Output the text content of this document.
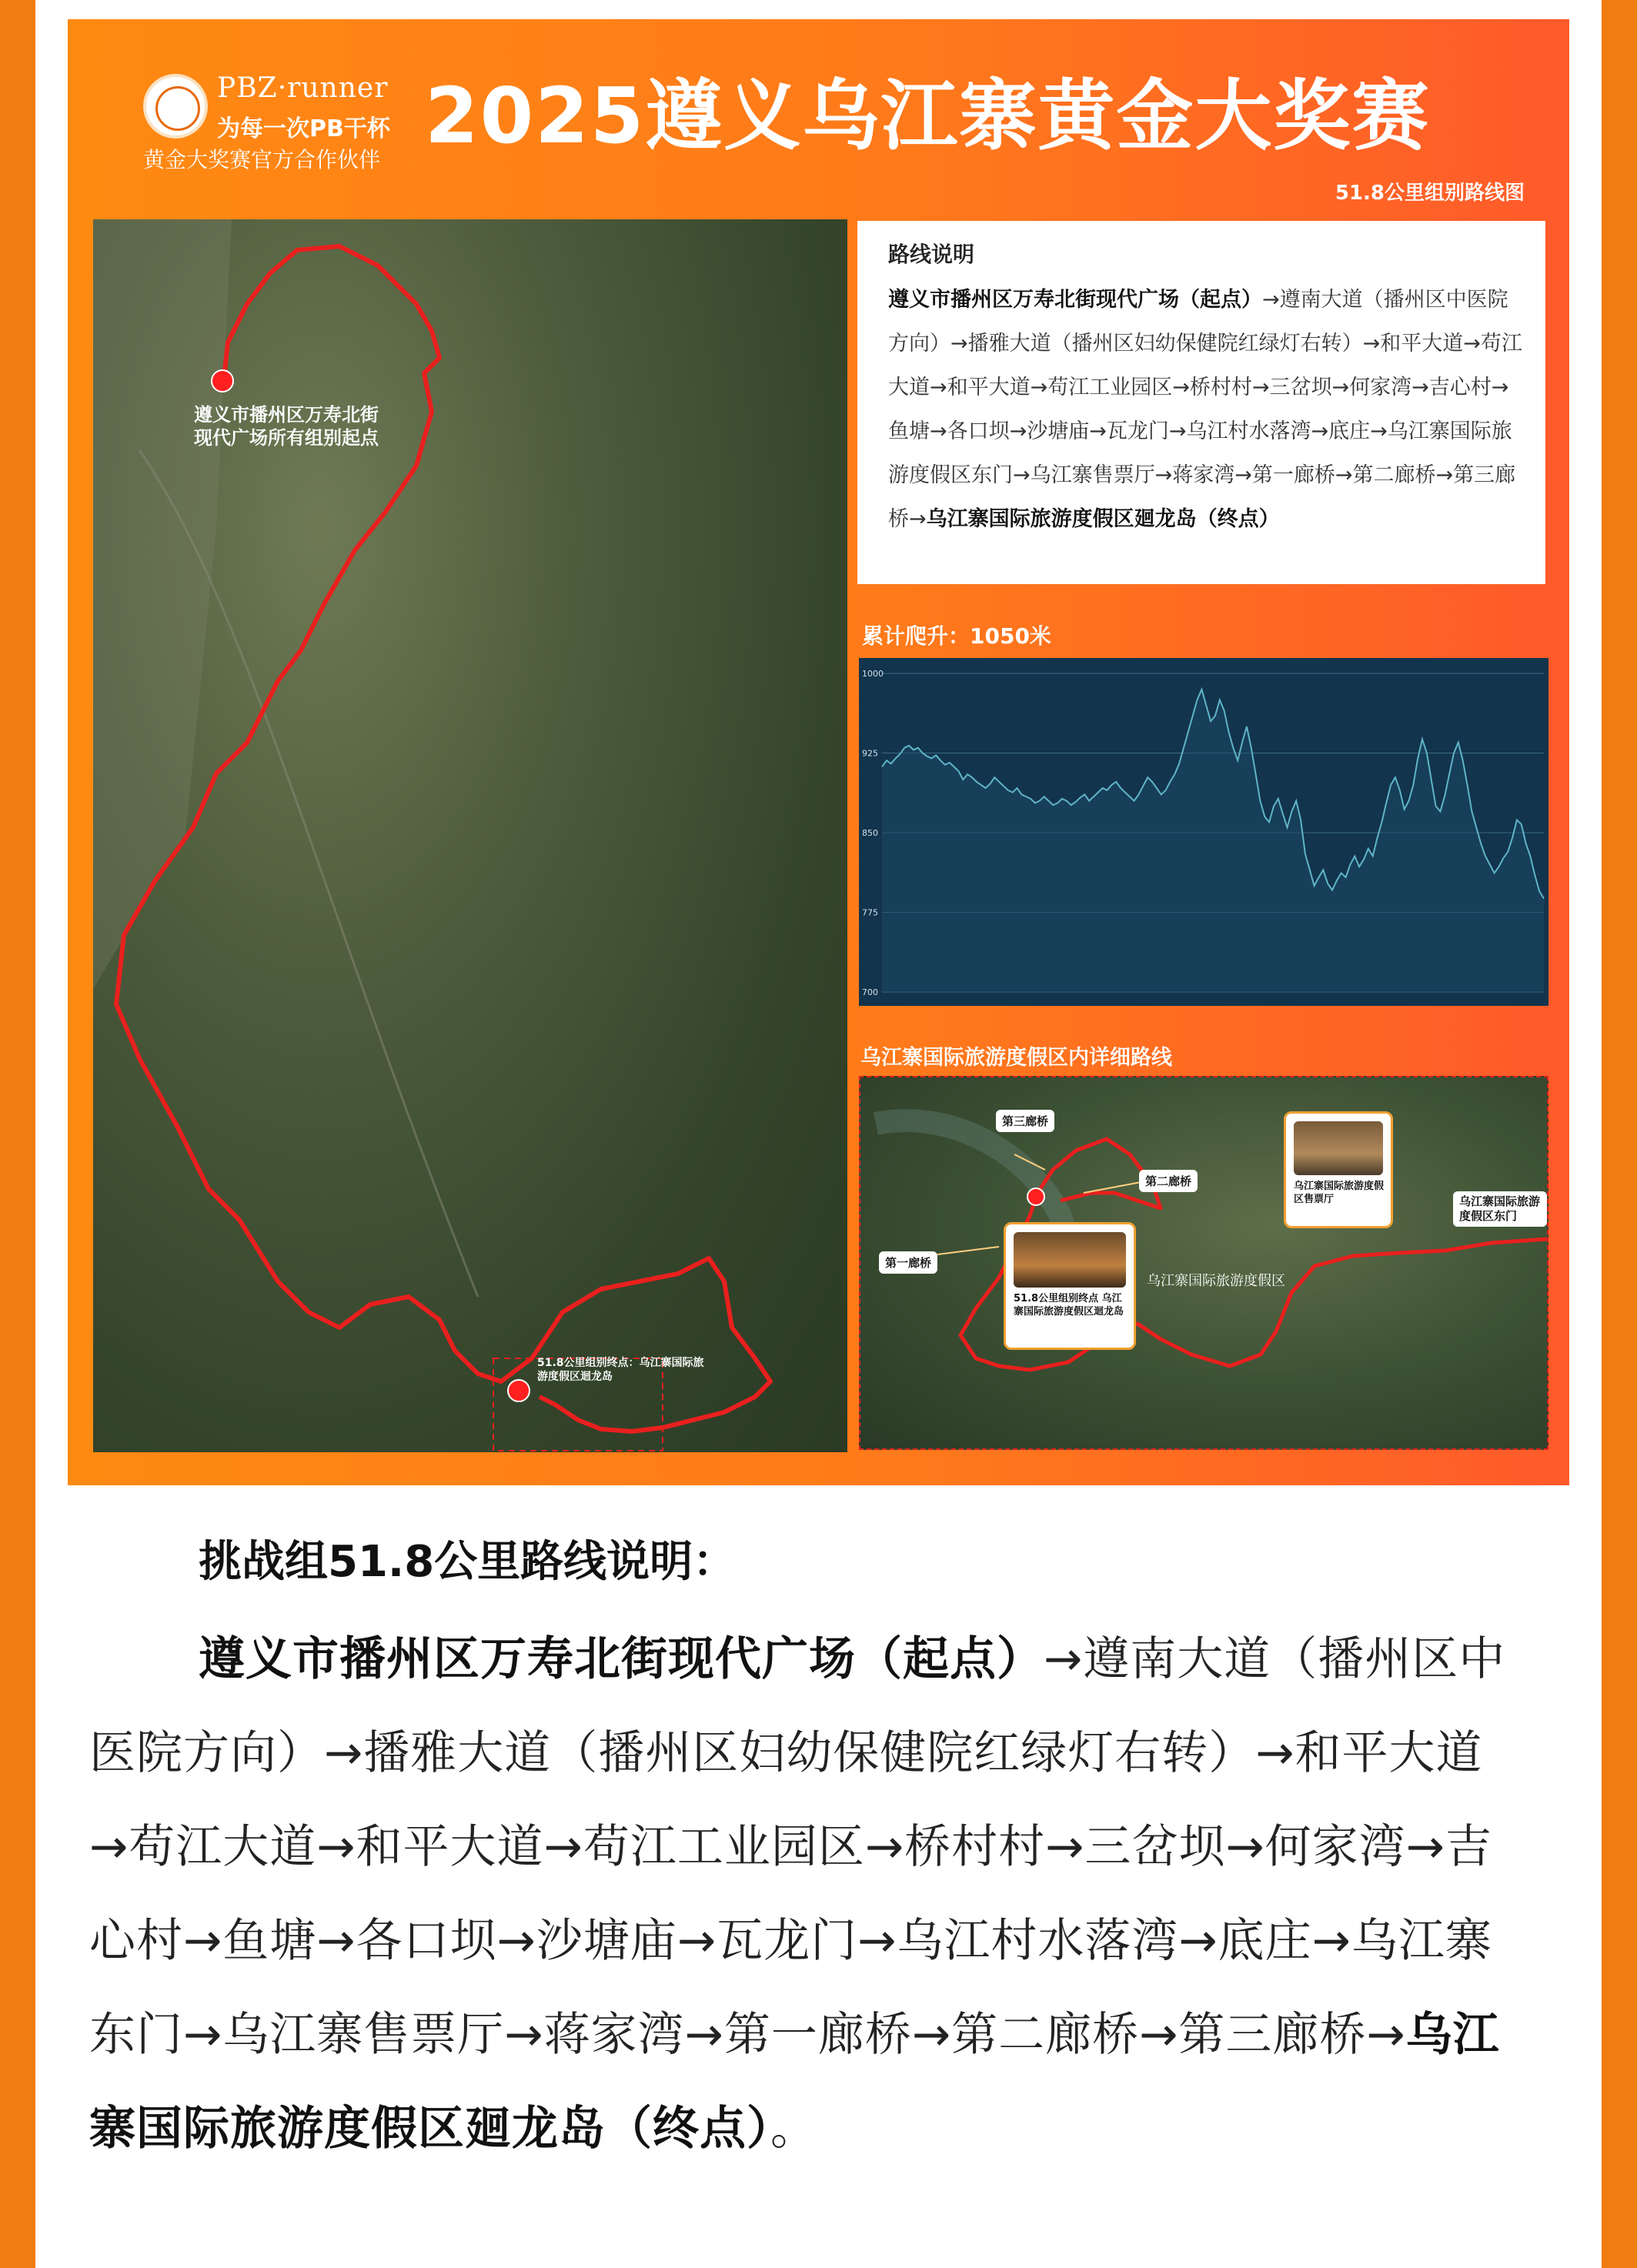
PBZ·runner
为每一次PB干杯
黄金大奖赛官方合作伙伴 2025遵义乌江寨黄金大奖赛
51.8公里组别路线图
遵义市播州区万寿北街现代广场所有组别起点
51.8公里组别终点：乌江寨国际旅游度假区迴龙岛
路线说明
遵义市播州区万寿北街现代广场（起点）→遵南大道（播州区中医院方向）→播雅大道（播州区妇幼保健院红绿灯右转）→和平大道→苟江大道→和平大道→苟江工业园区→桥村村→三岔坝→何家湾→吉心村→鱼塘→各口坝→沙塘庙→瓦龙门→乌江村水落湾→底庄→乌江寨国际旅游度假区东门→乌江寨售票厅→蒋家湾→第一廊桥→第二廊桥→第三廊桥→乌江寨国际旅游度假区廻龙岛（终点）
累计爬升：1050米
1000
925
850
775
700
乌江寨国际旅游度假区内详细路线
第三廊桥
第二廊桥
第一廊桥
乌江寨国际旅游度假区东门
51.8公里组别终点 乌江寨国际旅游度假区迴龙岛
乌江寨国际旅游度假区售票厅
乌江寨国际旅游度假区
挑战组51.8公里路线说明：
遵义市播州区万寿北街现代广场（起点）→遵南大道（播州区中医院方向）→播雅大道（播州区妇幼保健院红绿灯右转）→和平大道→苟江大道→和平大道→苟江工业园区→桥村村→三岔坝→何家湾→吉心村→鱼塘→各口坝→沙塘庙→瓦龙门→乌江村水落湾→底庄→乌江寨东门→乌江寨售票厅→蒋家湾→第一廊桥→第二廊桥→第三廊桥→乌江寨国际旅游度假区廻龙岛（终点）。
